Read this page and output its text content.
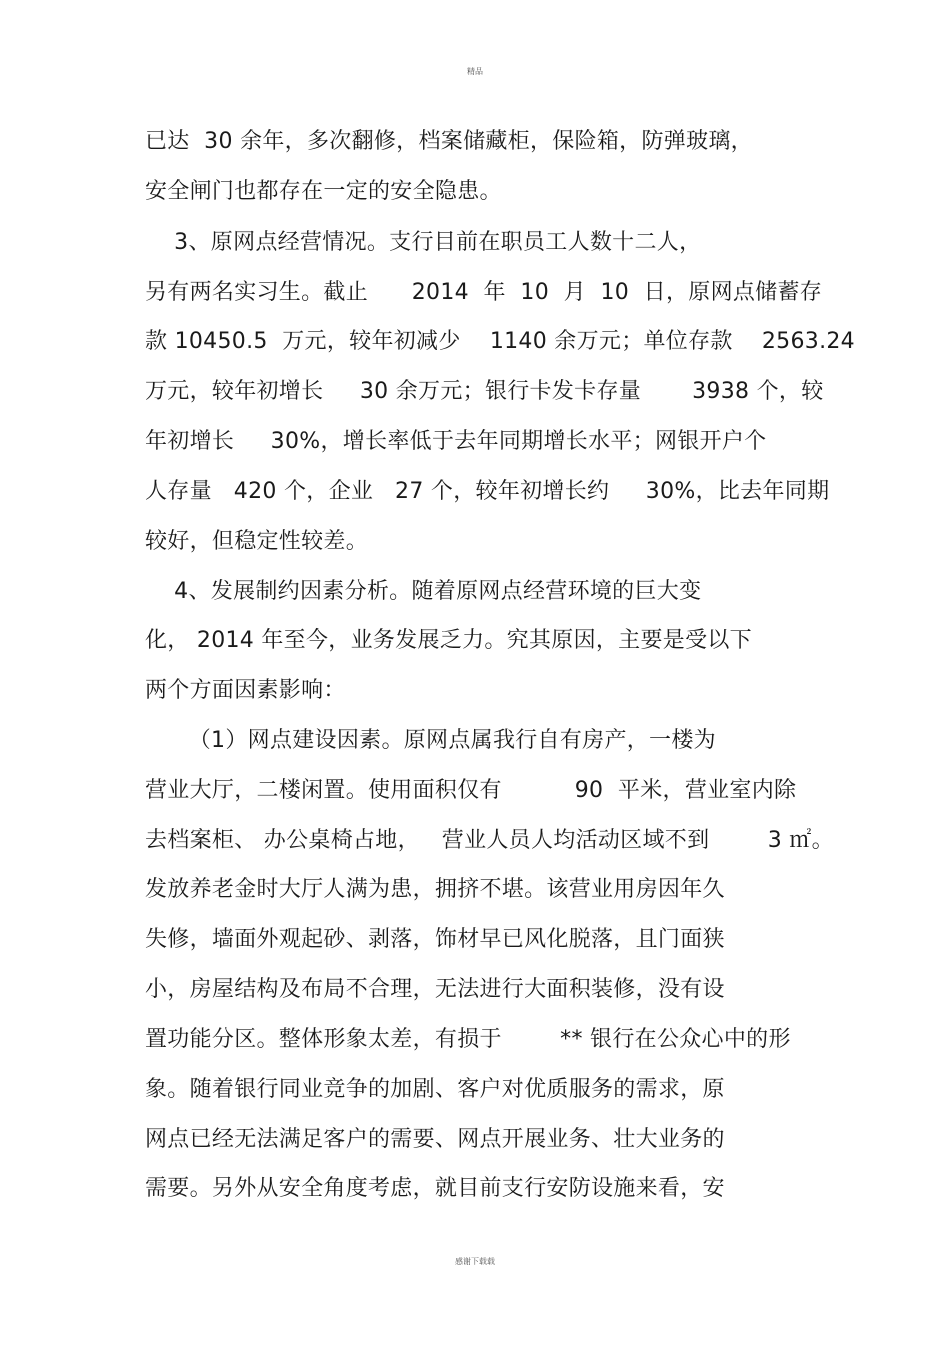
精品
已达  30 余年，多次翻修，档案储藏柜，保险箱，防弹玻璃，
安全闸门也都存在一定的安全隐患。
3、原网点经营情况。支行目前在职员工人数十二人，
另有两名实习生。截止      2014  年  10  月  10  日，原网点储蓄存
款 10450.5  万元，较年初减少    1140 余万元；单位存款    2563.24
万元，较年初增长     30 余万元；银行卡发卡存量       3938 个，较
年初增长     30%，增长率低于去年同期增长水平；网银开户个
人存量   420 个，企业   27 个，较年初增长约     30%，比去年同期
较好，但稳定性较差。
4、发展制约因素分析。随着原网点经营环境的巨大变
化， 2014 年至今，业务发展乏力。究其原因，主要是受以下
两个方面因素影响：
（1）网点建设因素。原网点属我行自有房产，一楼为
营业大厅，二楼闲置。使用面积仅有          90  平米，营业室内除
去档案柜、 办公桌椅占地，   营业人员人均活动区域不到        3 ㎡。
发放养老金时大厅人满为患，拥挤不堪。该营业用房因年久
失修，墙面外观起砂、剥落，饰材早已风化脱落，且门面狭
小，房屋结构及布局不合理，无法进行大面积装修，没有设
置功能分区。整体形象太差，有损于        ** 银行在公众心中的形
象。随着银行同业竞争的加剧、客户对优质服务的需求，原
网点已经无法满足客户的需要、网点开展业务、壮大业务的
需要。另外从安全角度考虑，就目前支行安防设施来看，安
感谢下载载
